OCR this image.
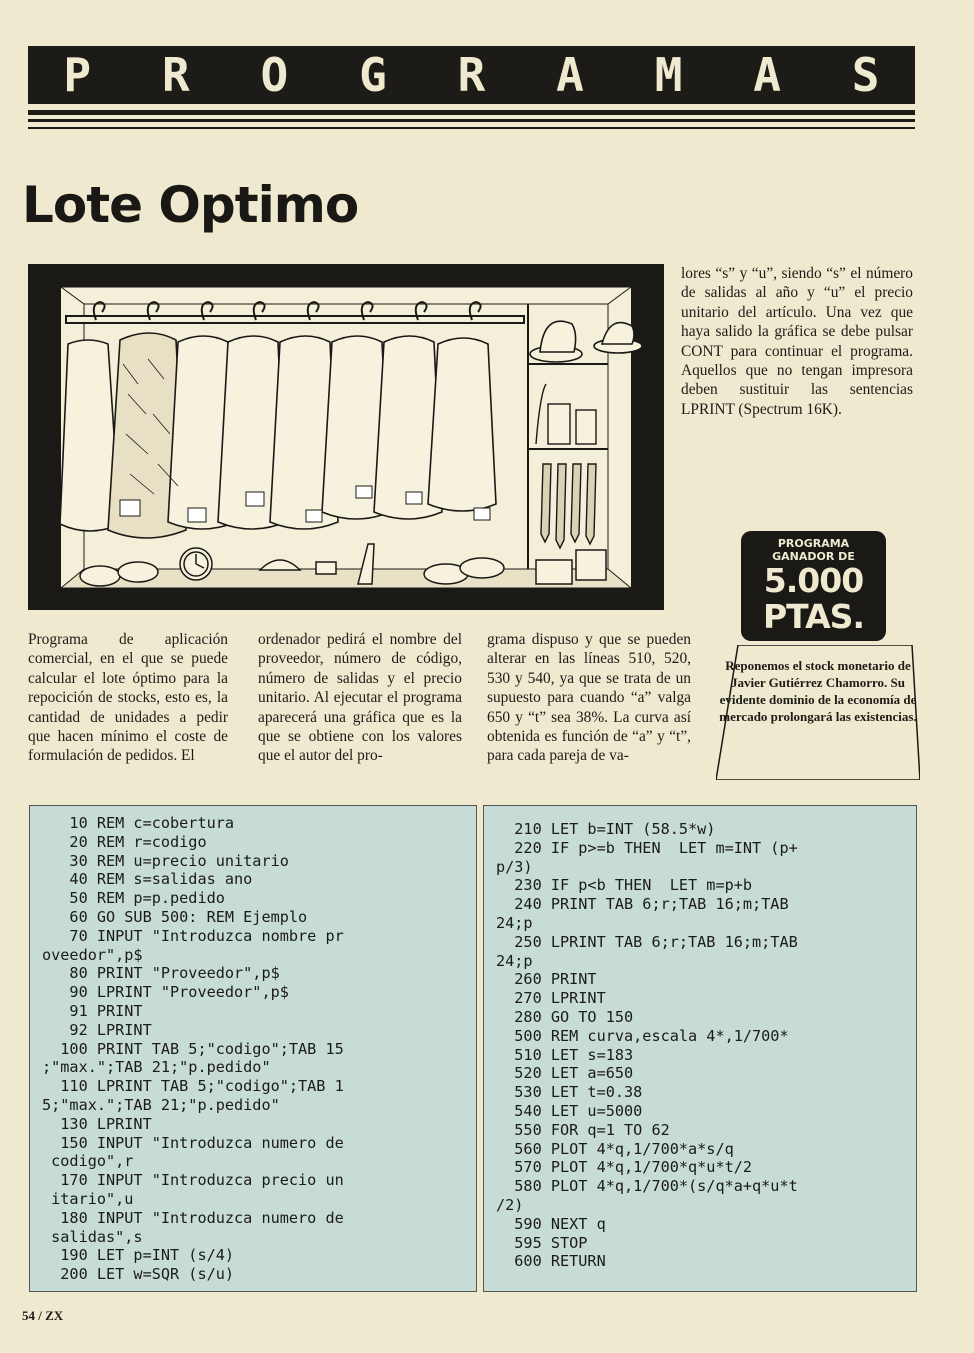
P R O G R A M A S
Lote Optimo
lores “s” y “u”, siendo “s” el número de salidas al año y “u” el precio unitario del artículo. Una vez que haya salido la gráfica se debe pulsar CONT para continuar el programa. Aquellos que no tengan impresora deben sustituir las sentencias LPRINT (Spectrum 16K).
PROGRAMA
GANADOR DE
5.000
PTAS.
Reponemos el stock monetario de Javier Gutiérrez Chamorro. Su evidente dominio de la economía de mercado prolongará las existencias.
Programa de aplicación comercial, en el que se puede calcular el lote óptimo para la repocición de stocks, esto es, la cantidad de unidades a pedir que hacen mínimo el coste de formulación de pedidos. El
ordenador pedirá el nombre del proveedor, número de código, número de salidas y el precio unitario. Al ejecutar el programa aparecerá una gráfica que es la que se obtiene con los valores que el autor del pro-
grama dispuso y que se pueden alterar en las líneas 510, 520, 530 y 540, ya que se trata de un supuesto para cuando “a” valga 650 y “t” sea 38%. La curva así obtenida es función de “a” y “t”, para cada pareja de va-
10 REM c=cobertura
20 REM r=codigo
30 REM u=precio unitario
40 REM s=salidas ano
50 REM p=p.pedido
60 GO SUB 500: REM Ejemplo
70 INPUT "Introduzca nombre pr
oveedor",p$
80 PRINT "Proveedor",p$
90 LPRINT "Proveedor",p$
91 PRINT
92 LPRINT
100 PRINT TAB 5;"codigo";TAB 15
;"max.";TAB 21;"p.pedido"
110 LPRINT TAB 5;"codigo";TAB 1
5;"max.";TAB 21;"p.pedido"
130 LPRINT
150 INPUT "Introduzca numero de
codigo",r
170 INPUT "Introduzca precio un
itario",u
180 INPUT "Introduzca numero de
salidas",s
190 LET p=INT (s/4)
200 LET w=SQR (s/u)
210 LET b=INT (58.5*w)
220 IF p>=b THEN  LET m=INT (p+
p/3)
230 IF p<b THEN  LET m=p+b
240 PRINT TAB 6;r;TAB 16;m;TAB
24;p
250 LPRINT TAB 6;r;TAB 16;m;TAB
24;p
260 PRINT
270 LPRINT
280 GO TO 150
500 REM curva,escala 4*,1/700*
510 LET s=183
520 LET a=650
530 LET t=0.38
540 LET u=5000
550 FOR q=1 TO 62
560 PLOT 4*q,1/700*a*s/q
570 PLOT 4*q,1/700*q*u*t/2
580 PLOT 4*q,1/700*(s/q*a+q*u*t
/2)
590 NEXT q
595 STOP
600 RETURN
54 / ZX
